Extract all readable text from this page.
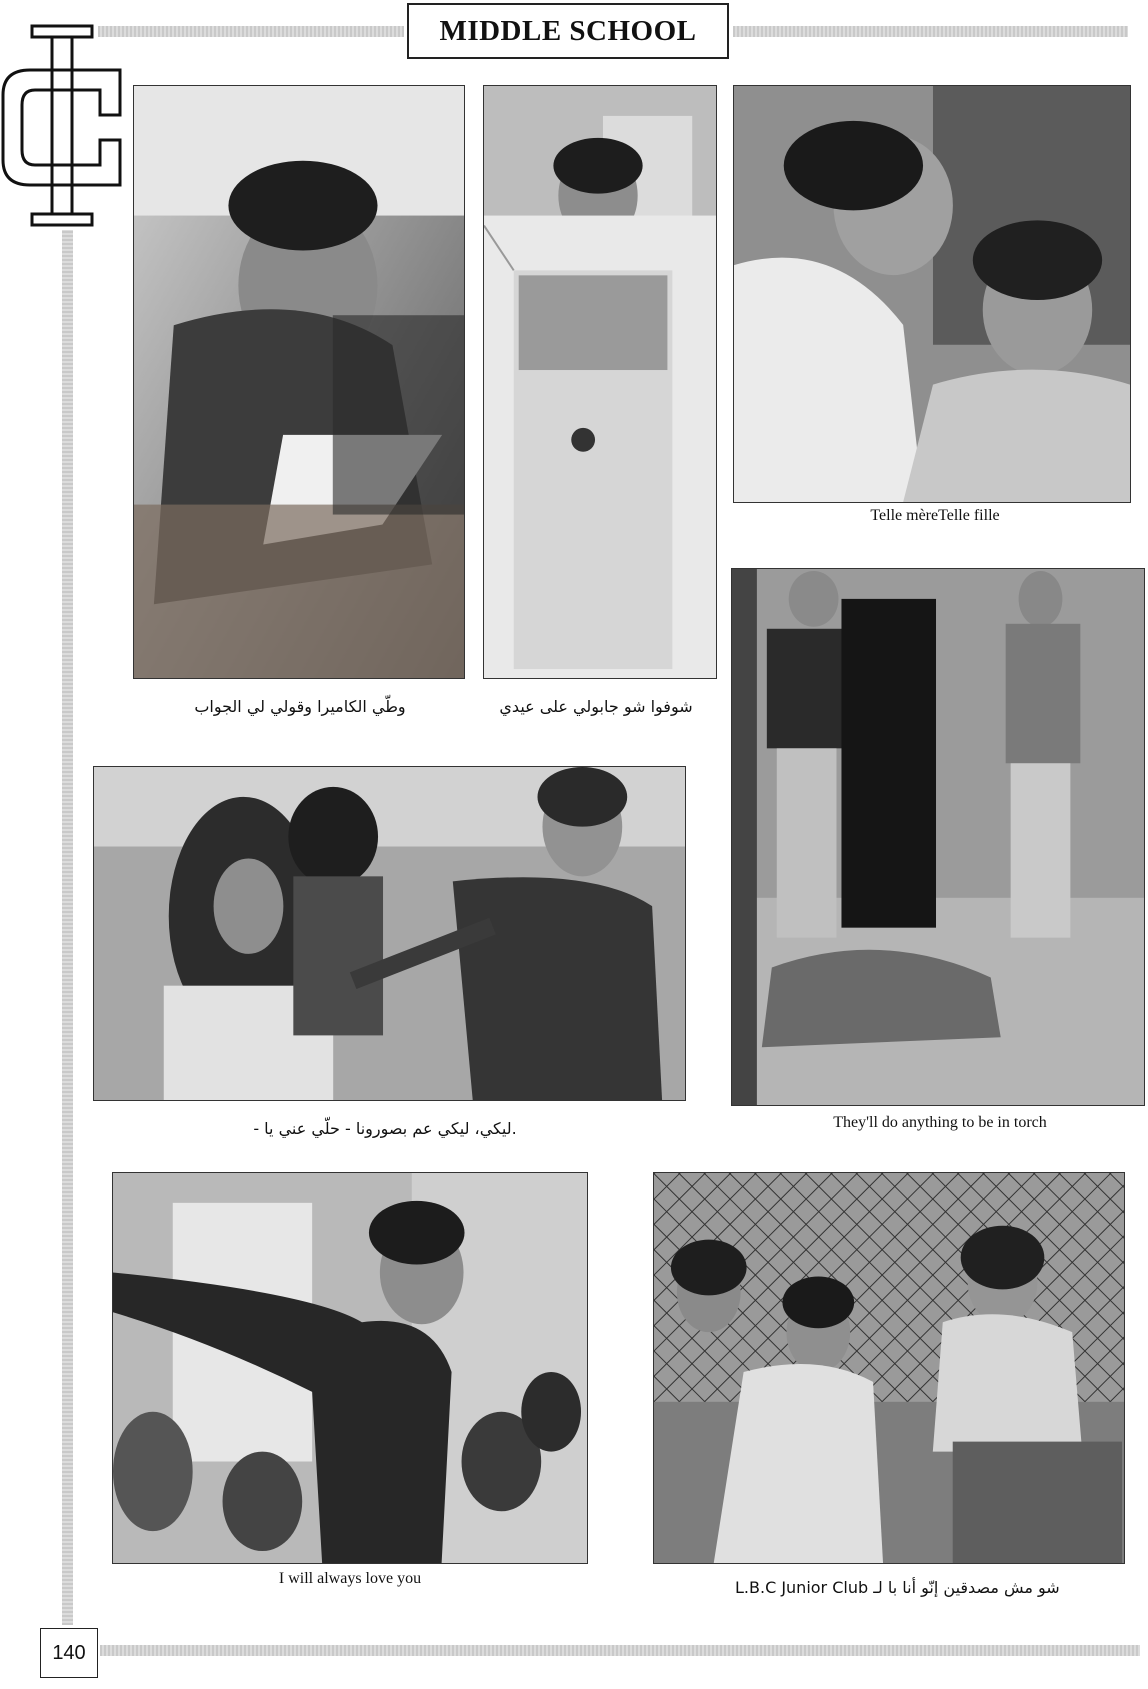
MIDDLE SCHOOL
وطّي الكاميرا وقولي لي الجواب	شوفوا شو جابولي على عيدي
Telle mèreTelle fille
They'll do anything to be in torch
- ليكي، ليكي عم بصورونا - حلّي عني يا.
I will always love you	L.B.C Junior Club شو مش مصدقين إنّو أنا با لـ
140
